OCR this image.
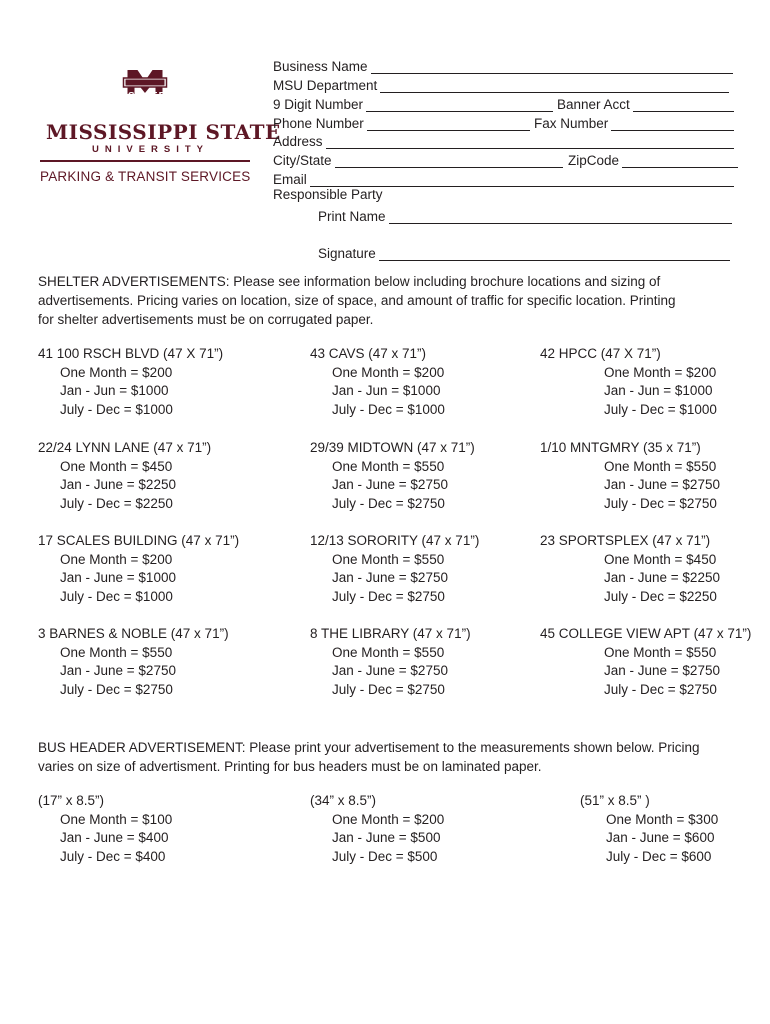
STATE
MISSISSIPPI STATE
UNIVERSITY
PARKING & TRANSIT SERVICES
Business Name
MSU Department
9 Digit Number	Banner Acct
Phone Number	Fax Number
Address
City/State	ZipCode
Email
Responsible Party
Print Name
Signature

SHELTER ADVERTISEMENTS: Please see information below including brochure locations and sizing of advertisements. Pricing varies on location, size of space, and amount of traffic for specific location. Printing for shelter advertisements must be on corrugated paper.

41 100 RSCH BLVD (47 X 71”)
One Month = $200
Jan - Jun = $1000
July - Dec = $1000
43 CAVS (47 x 71”)
One Month = $200
Jan - Jun = $1000
July - Dec = $1000
42 HPCC (47 X 71”)
One Month = $200
Jan - Jun = $1000
July - Dec = $1000
22/24 LYNN LANE (47 x 71”)
One Month = $450
Jan - June = $2250
July - Dec = $2250
29/39 MIDTOWN (47 x 71”)
One Month = $550
Jan - June = $2750
July - Dec = $2750
1/10 MNTGMRY (35 x 71”)
One Month = $550
Jan - June = $2750
July - Dec = $2750
17 SCALES BUILDING (47 x 71”)
One Month = $200
Jan - June = $1000
July - Dec = $1000
12/13 SORORITY (47 x 71”)
One Month = $550
Jan - June = $2750
July - Dec = $2750
23 SPORTSPLEX (47 x 71”)
One Month = $450
Jan - June = $2250
July - Dec = $2250
3 BARNES & NOBLE (47 x 71”)
One Month = $550
Jan - June = $2750
July - Dec = $2750
8 THE LIBRARY (47 x 71”)
One Month = $550
Jan - June = $2750
July - Dec = $2750
45 COLLEGE VIEW APT (47 x 71”)
One Month = $550
Jan - June = $2750
July - Dec = $2750

BUS HEADER ADVERTISEMENT: Please print your advertisement to the measurements shown below. Pricing varies on size of advertisment. Printing for bus headers must be on laminated paper.

(17” x 8.5”)
One Month = $100
Jan - June = $400
July - Dec = $400
(34” x 8.5”)
One Month = $200
Jan - June = $500
July - Dec = $500
(51” x 8.5” )
One Month = $300
Jan - June = $600
July - Dec = $600
